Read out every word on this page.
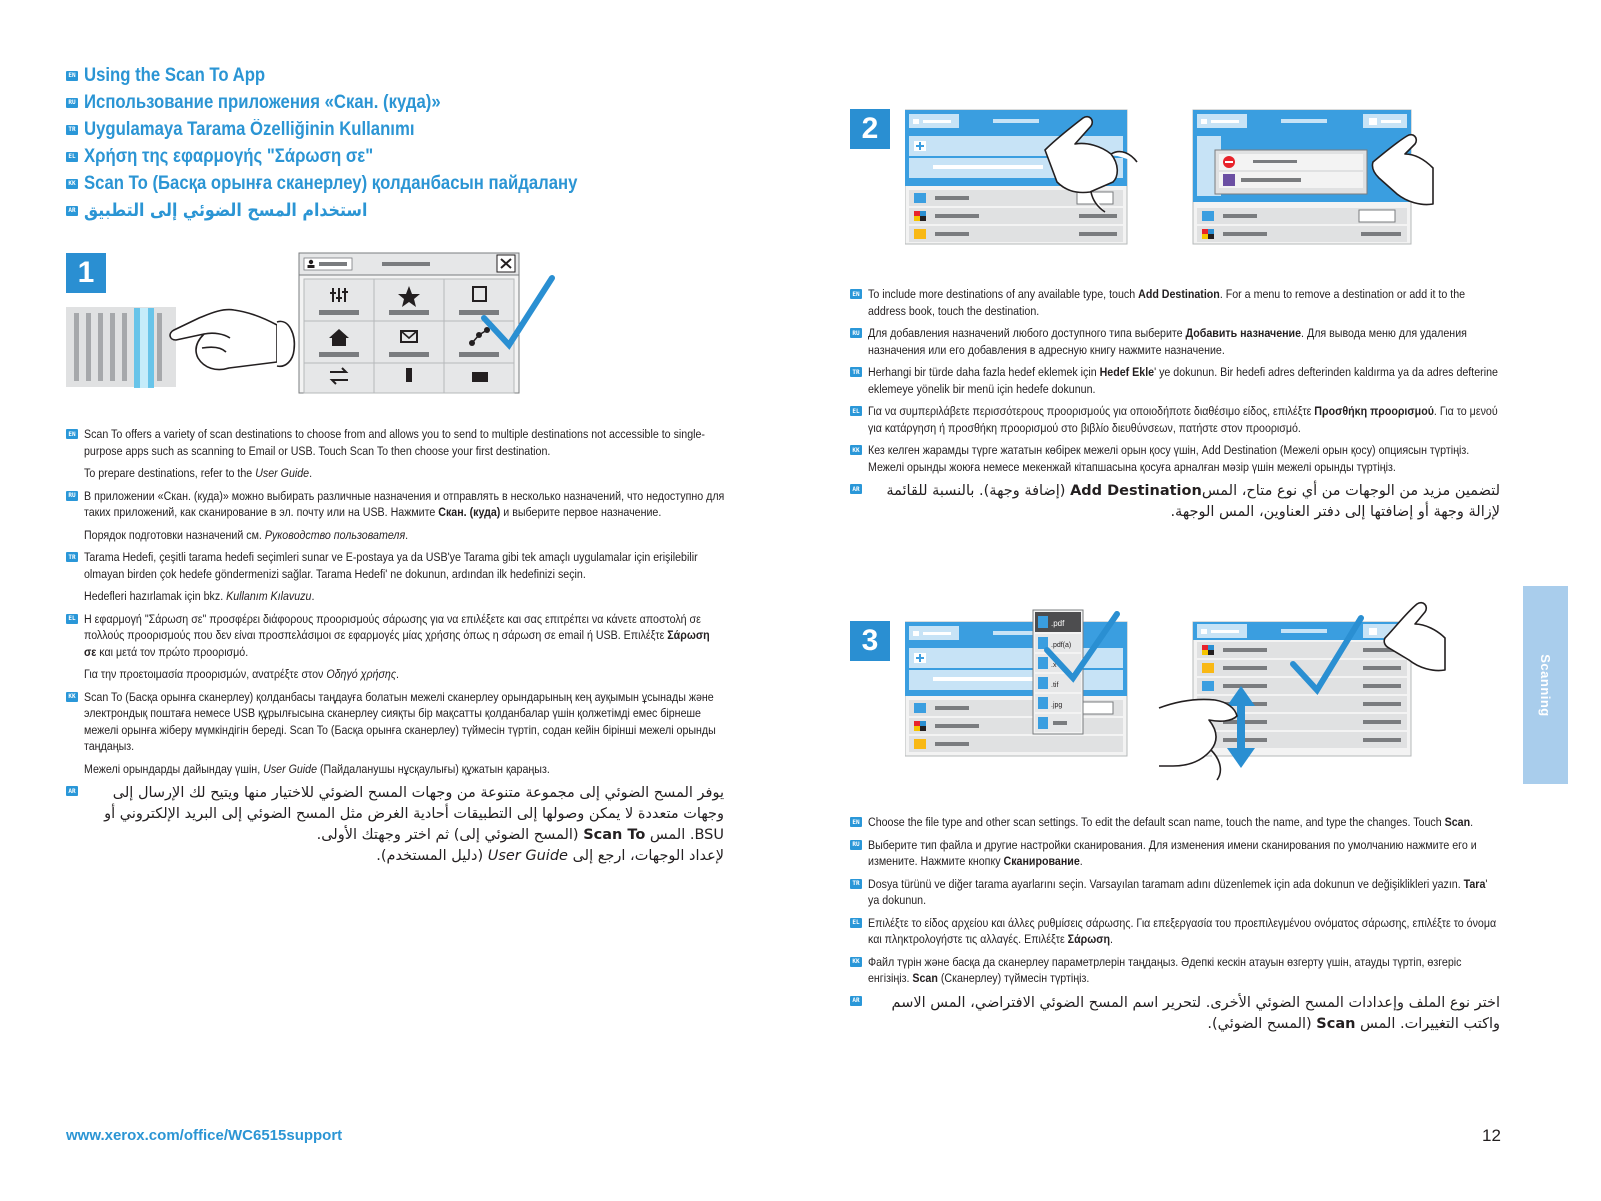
EN Using the Scan To App
RU Использование приложения «Скан. (куда)»
TR Uygulamaya Tarama Özelliğinin Kullanımı
EL Χρήση της εφαρμογής "Σάρωση σε"
KK Scan To (Басқа орынға сканерлеу) қолданбасын пайдалану
AR استخدام المسح الضوئي إلى التطبيق
1
2
3
EN Scan To offers a variety of scan destinations to choose from and allows you to send to multiple destinations not accessible to single-purpose apps such as scanning to Email or USB. Touch Scan To then choose your first destination.
To prepare destinations, refer to the User Guide.
RU В приложении «Скан. (куда)» можно выбирать различные назначения и отправлять в несколько назначений, что недоступно для таких приложений, как сканирование в эл. почту или на USB. Нажмите Скан. (куда) и выберите первое назначение.
Порядок подготовки назначений см. Руководство пользователя.
TR Tarama Hedefi, çeşitli tarama hedefi seçimleri sunar ve E-postaya ya da USB'ye Tarama gibi tek amaçlı uygulamalar için erişilebilir olmayan birden çok hedefe göndermenizi sağlar. Tarama Hedefi' ne dokunun, ardından ilk hedefinizi seçin.
Hedefleri hazırlamak için bkz. Kullanım Kılavuzu.
EL Η εφαρμογή "Σάρωση σε" προσφέρει διάφορους προορισμούς σάρωσης για να επιλέξετε και σας επιτρέπει να κάνετε αποστολή σε πολλούς προορισμούς που δεν είναι προσπελάσιμοι σε εφαρμογές μίας χρήσης όπως η σάρωση σε email ή USB. Επιλέξτε Σάρωση σε και μετά τον πρώτο προορισμό.
Για την προετοιμασία προορισμών, ανατρέξτε στον Οδηγό χρήσης.
KK Scan To (Басқа орынға сканерлеу) қолданбасы таңдауға болатын межелі сканерлеу орындарының кең ауқымын ұсынады және электрондық поштаға немесе USB құрылғысына сканерлеу сияқты бір мақсатты қолданбалар үшін қолжетімді емес бірнеше межелі орынға жіберу мүмкіндігін береді. Scan To (Басқа орынға сканерлеу) түймесін түртіп, содан кейін бірінші межелі орынды таңдаңыз.
Межелі орындарды дайындау үшін, User Guide (Пайдаланушы нұсқаулығы) құжатын қараңыз.
AR	يوفر المسح الضوئي إلى مجموعة متنوعة من وجهات المسح الضوئي للاختيار منها ويتيح لك الإرسال إلى وجهات متعددة لا يمكن وصولها إلى التطبيقات أحادية الغرض مثل المسح الضوئي إلى البريد الإلكتروني أو BSU. المس Scan To (المسح الضوئي إلى) ثم اختر وجهتك الأولى.
لإعداد الوجهات، ارجع إلى User Guide (دليل المستخدم).
EN To include more destinations of any available type, touch Add Destination. For a menu to remove a destination or add it to the address book, touch the destination.
RU Для добавления назначений любого доступного типа выберите Добавить назначение. Для вывода меню для удаления назначения или его добавления в адресную книгу нажмите назначение.
TR Herhangi bir türde daha fazla hedef eklemek için Hedef Ekle' ye dokunun. Bir hedefi adres defterinden kaldırma ya da adres defterine eklemeye yönelik bir menü için hedefe dokunun.
EL Για να συμπεριλάβετε περισσότερους προορισμούς για οποιοδήποτε διαθέσιμο είδος, επιλέξτε Προσθήκη προορισμού. Για το μενού για κατάργηση ή προσθήκη προορισμού στο βιβλίο διευθύνσεων, πατήστε στον προορισμό.
KK Кез келген жарамды түрге жататын көбірек межелі орын қосу үшін, Add Destination (Межелі орын қосу) опциясын түртіңіз. Межелі орынды жоюға немесе мекенжай кітапшасына қосуға арналған мәзір үшін межелі орынды түртіңіз.
AR	لتضمين مزيد من الوجهات من أي نوع متاح، المسAdd Destination (إضافة وجهة). بالنسبة للقائمة لإزالة وجهة أو إضافتها إلى دفتر العناوين، المس الوجهة.
.pdf
.pdf(a)
.x
.tif
.jpg
EN Choose the file type and other scan settings. To edit the default scan name, touch the name, and type the changes. Touch Scan.
RU Выберите тип файла и другие настройки сканирования. Для изменения имени сканирования по умолчанию нажмите его и измените. Нажмите кнопку Сканирование.
TR Dosya türünü ve diğer tarama ayarlarını seçin. Varsayılan taramam adını düzenlemek için ada dokunun ve değişiklikleri yazın. Tara' ya dokunun.
EL Επιλέξτε το είδος αρχείου και άλλες ρυθμίσεις σάρωσης. Για επεξεργασία του προεπιλεγμένου ονόματος σάρωσης, επιλέξτε το όνομα και πληκτρολογήστε τις αλλαγές. Επιλέξτε Σάρωση.
KK Файл түрін және басқа да сканерлеу параметрлерін таңдаңыз. Әдепкі кескін атауын өзгерту үшін, атауды түртіп, өзгеріс енгізіңіз. Scan (Сканерлеу) түймесін түртіңіз.
AR	اختر نوع الملف وإعدادات المسح الضوئي الأخرى. لتحرير اسم المسح الضوئي الافتراضي، المس الاسم واكتب التغييرات. المس Scan (المسح الضوئي).
Scanning
www.xerox.com/office/WC6515support	12
